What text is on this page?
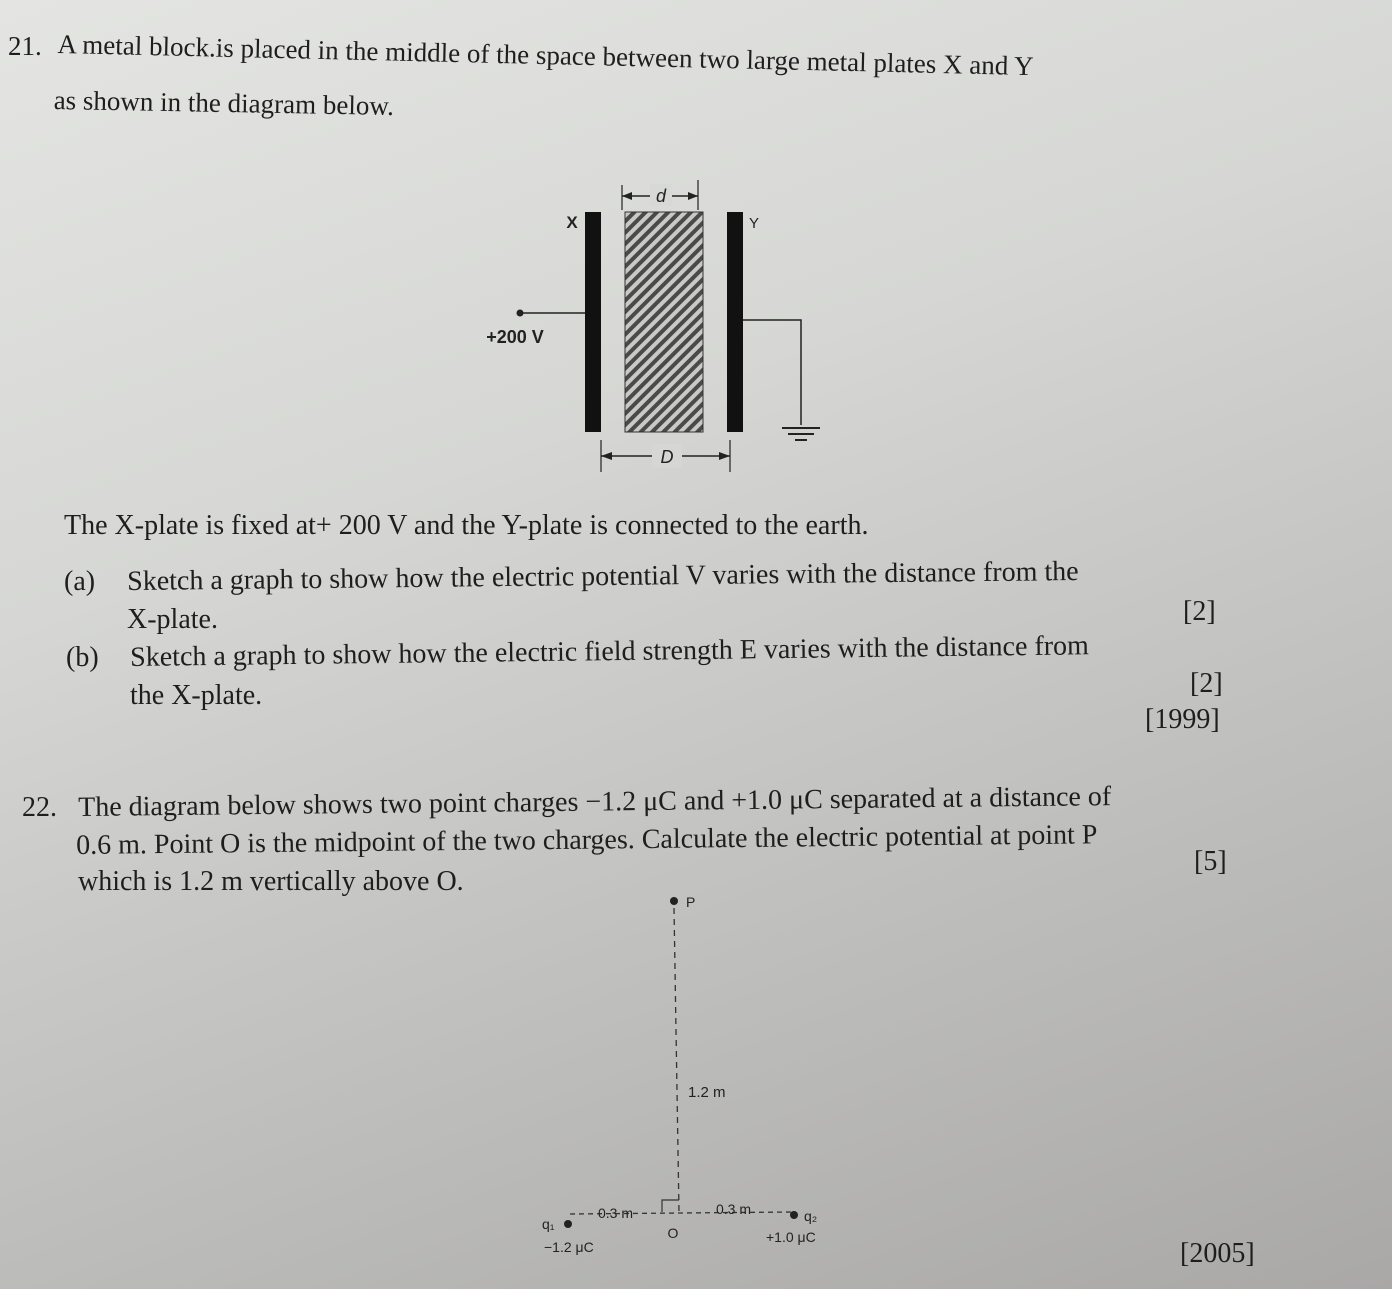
21. A metal block.is placed in the middle of the space between two large metal plates X and Y
as shown in the diagram below.
d
X	Y
+200 V
D
The X-plate is fixed at+ 200 V and the Y-plate is connected to the earth.
(a) Sketch a graph to show how the electric potential V varies with the distance from the
X-plate.	[2]
(b) Sketch a graph to show how the electric field strength E varies with the distance from
the X-plate.	[2]
[1999]
22. The diagram below shows two point charges −1.2 μC and +1.0 μC separated at a distance of
0.6 m. Point O is the midpoint of the two charges. Calculate the electric potential at point P
which is 1.2 m vertically above O.
[5]
P
1.2 m
q₁	q₂
0.3 m	0.3 m
O
−1.2 μC
+1.0 μC
[2005]
